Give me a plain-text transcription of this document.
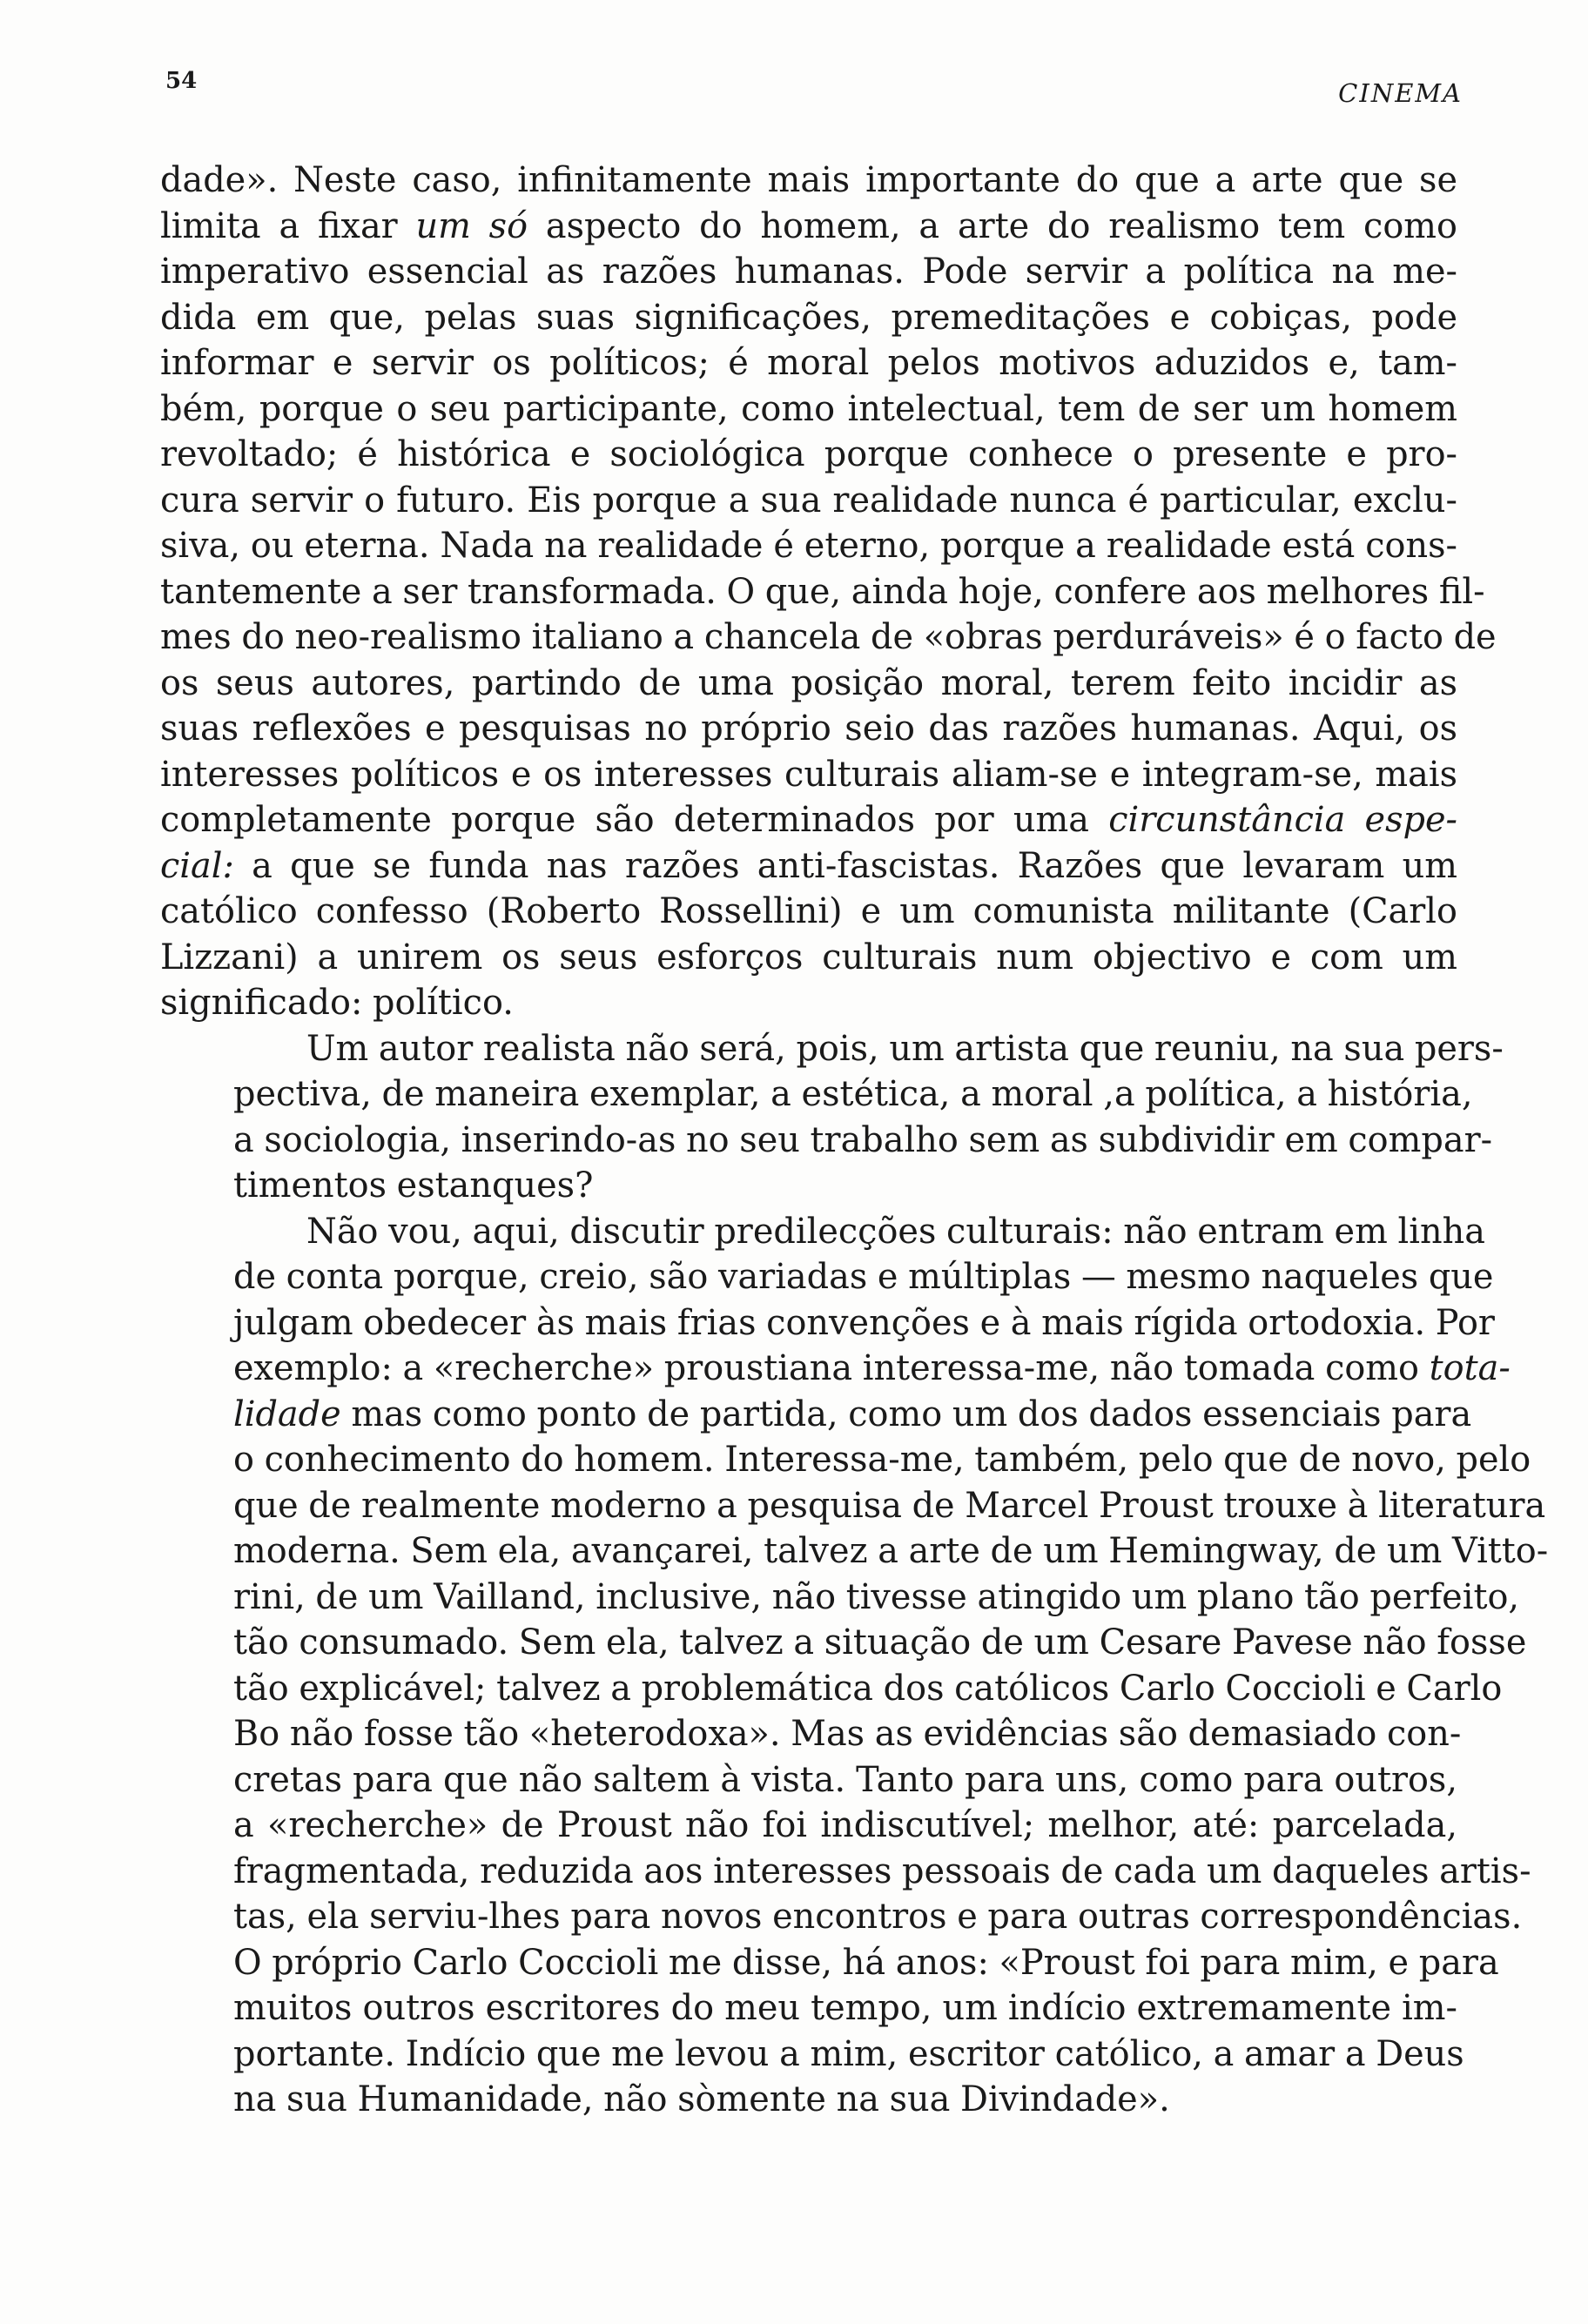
54	CINEMA
dade». Neste caso, infinitamente mais importante do que a arte que se
limita a fixar um só aspecto do homem, a arte do realismo tem como
imperativo essencial as razões humanas. Pode servir a política na me-
dida em que, pelas suas significações, premeditações e cobiças, pode
informar e servir os políticos; é moral pelos motivos aduzidos e, tam-
bém, porque o seu participante, como intelectual, tem de ser um homem
revoltado; é histórica e sociológica porque conhece o presente e pro-
cura servir o futuro. Eis porque a sua realidade nunca é particular, exclu-
siva, ou eterna. Nada na realidade é eterno, porque a realidade está cons-
tantemente a ser transformada. O que, ainda hoje, confere aos melhores fil-
mes do neo-realismo italiano a chancela de «obras perduráveis» é o facto de
os seus autores, partindo de uma posição moral, terem feito incidir as
suas reflexões e pesquisas no próprio seio das razões humanas. Aqui, os
interesses políticos e os interesses culturais aliam-se e integram-se, mais
completamente porque são determinados por uma circunstância espe-
cial: a que se funda nas razões anti-fascistas. Razões que levaram um
católico confesso (Roberto Rossellini) e um comunista militante (Carlo
Lizzani) a unirem os seus esforços culturais num objectivo e com um
significado: político.
Um autor realista não será, pois, um artista que reuniu, na sua pers-
pectiva, de maneira exemplar, a estética, a moral ,a política, a história,
a sociologia, inserindo-as no seu trabalho sem as subdividir em compar-
timentos estanques?
Não vou, aqui, discutir predilecções culturais: não entram em linha
de conta porque, creio, são variadas e múltiplas — mesmo naqueles que
julgam obedecer às mais frias convenções e à mais rígida ortodoxia. Por
exemplo: a «recherche» proustiana interessa-me, não tomada como tota-
lidade mas como ponto de partida, como um dos dados essenciais para
o conhecimento do homem. Interessa-me, também, pelo que de novo, pelo
que de realmente moderno a pesquisa de Marcel Proust trouxe à literatura
moderna. Sem ela, avançarei, talvez a arte de um Hemingway, de um Vitto-
rini, de um Vailland, inclusive, não tivesse atingido um plano tão perfeito,
tão consumado. Sem ela, talvez a situação de um Cesare Pavese não fosse
tão explicável; talvez a problemática dos católicos Carlo Coccioli e Carlo
Bo não fosse tão «heterodoxa». Mas as evidências são demasiado con-
cretas para que não saltem à vista. Tanto para uns, como para outros,
a «recherche» de Proust não foi indiscutível; melhor, até: parcelada,
fragmentada, reduzida aos interesses pessoais de cada um daqueles artis-
tas, ela serviu-lhes para novos encontros e para outras correspondências.
O próprio Carlo Coccioli me disse, há anos: «Proust foi para mim, e para
muitos outros escritores do meu tempo, um indício extremamente im-
portante. Indício que me levou a mim, escritor católico, a amar a Deus
na sua Humanidade, não sòmente na sua Divindade».
